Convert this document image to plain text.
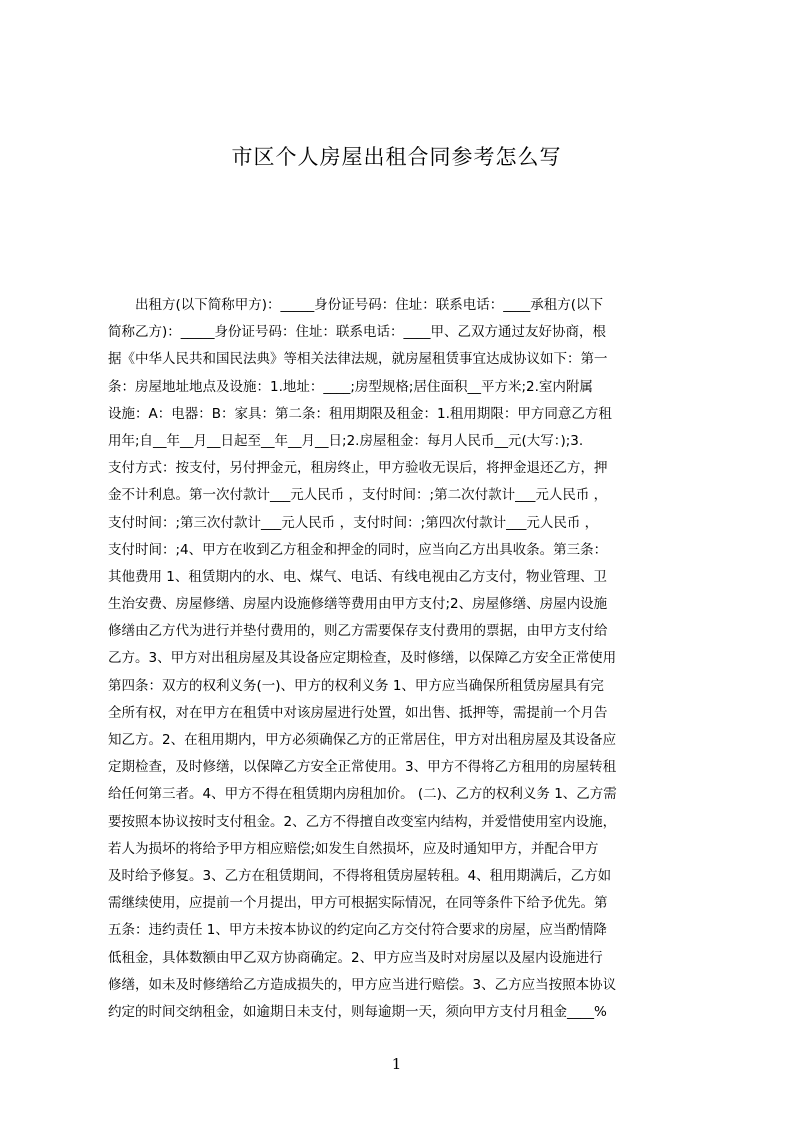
市区个人房屋出租合同参考怎么写
　　出租方(以下简称甲方)：_____身份证号码：住址：联系电话：____承租方(以下
简称乙方)：_____身份证号码：住址：联系电话：____甲、乙双方通过友好协商，根
据《中华人民共和国民法典》等相关法律法规，就房屋租赁事宜达成协议如下：第一
条：房屋地址地点及设施：1.地址：____;房型规格;居住面积__平方米;2.室内附属
设施：A：电器：B：家具：第二条：租用期限及租金：1.租用期限：甲方同意乙方租
用年;自__年__月__日起至__年__月__日;2.房屋租金：每月人民币__元(大写：);3.
支付方式：按支付，另付押金元，租房终止，甲方验收无误后，将押金退还乙方，押
金不计利息。第一次付款计___元人民币 ，支付时间：;第二次付款计___元人民币 ，
支付时间：;第三次付款计___元人民币 ，支付时间：;第四次付款计___元人民币 ，
支付时间：;4、甲方在收到乙方租金和押金的同时，应当向乙方出具收条。第三条：
其他费用 1、租赁期内的水、电、煤气、电话、有线电视由乙方支付，物业管理、卫
生治安费、房屋修缮、房屋内设施修缮等费用由甲方支付;2、房屋修缮、房屋内设施
修缮由乙方代为进行并垫付费用的，则乙方需要保存支付费用的票据，由甲方支付给
乙方。3、甲方对出租房屋及其设备应定期检查，及时修缮，以保障乙方安全正常使用
第四条：双方的权利义务(一)、甲方的权利义务 1、甲方应当确保所租赁房屋具有完
全所有权，对在甲方在租赁中对该房屋进行处置，如出售、抵押等，需提前一个月告
知乙方。2、在租用期内，甲方必须确保乙方的正常居住，甲方对出租房屋及其设备应
定期检查，及时修缮，以保障乙方安全正常使用。3、甲方不得将乙方租用的房屋转租
给任何第三者。4、甲方不得在租赁期内房租加价。 (二)、乙方的权利义务 1、乙方需
要按照本协议按时支付租金。2、乙方不得擅自改变室内结构，并爱惜使用室内设施，
若人为损坏的将给予甲方相应赔偿;如发生自然损坏，应及时通知甲方，并配合甲方
及时给予修复。3、乙方在租赁期间，不得将租赁房屋转租。4、租用期满后，乙方如
需继续使用，应提前一个月提出，甲方可根据实际情况，在同等条件下给予优先。第
五条：违约责任 1、甲方未按本协议的约定向乙方交付符合要求的房屋，应当酌情降
低租金，具体数额由甲乙双方协商确定。2、甲方应当及时对房屋以及屋内设施进行
修缮，如未及时修缮给乙方造成损失的，甲方应当进行赔偿。3、乙方应当按照本协议
约定的时间交纳租金，如逾期日未支付，则每逾期一天，须向甲方支付月租金____%
1
